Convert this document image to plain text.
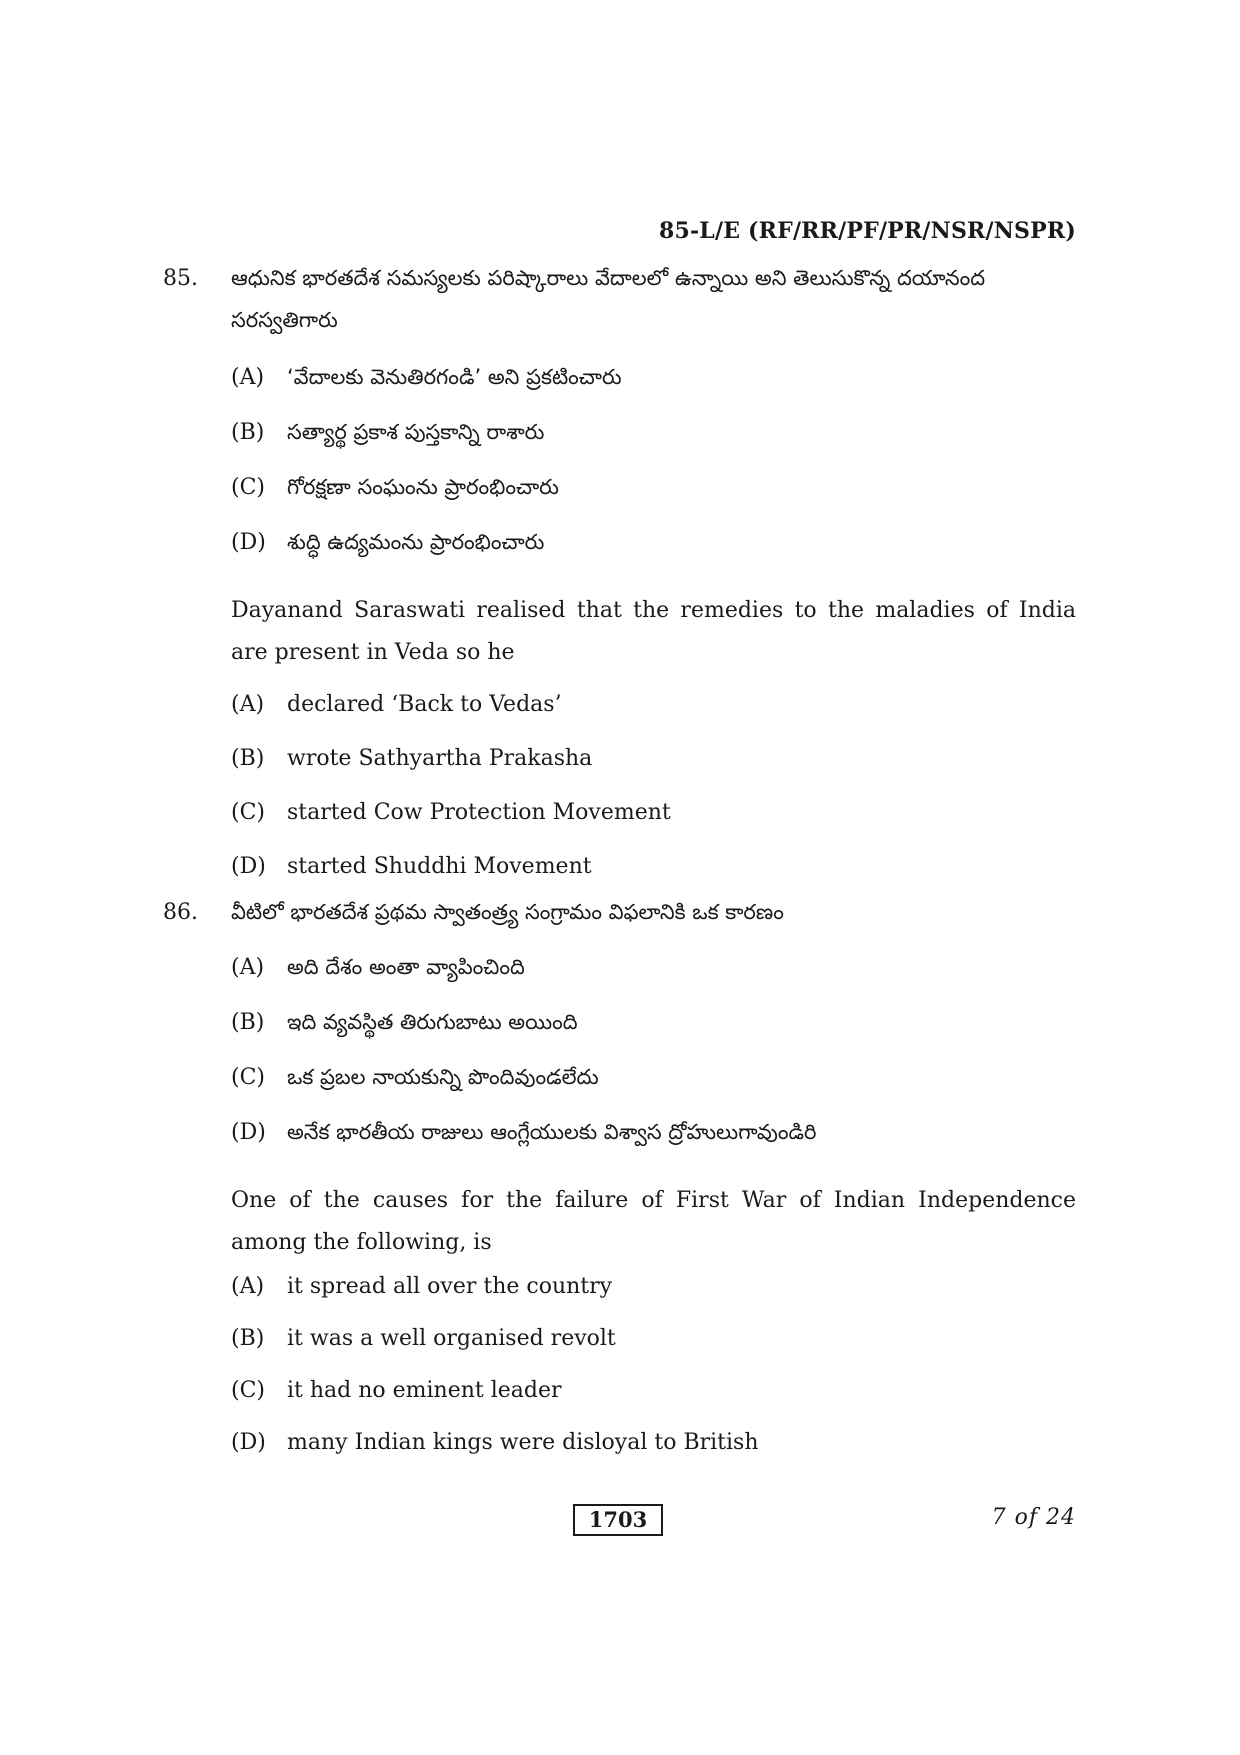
85-L/E (RF/RR/PF/PR/NSR/NSPR)
85. ఆధునిక భారతదేశ సమస్యలకు పరిష్కారాలు వేదాలలో ఉన్నాయి అని తెలుసుకొన్న దయానంద సరస్వతిగారు
(A) ‘వేదాలకు వెనుతిరగండి’ అని ప్రకటించారు
(B) సత్యార్థ ప్రకాశ పుస్తకాన్ని రాశారు
(C) గోరక్షణా సంఘంను ప్రారంభించారు
(D) శుద్ధి ఉద్యమంను ప్రారంభించారు
Dayanand Saraswati realised that the remedies to the maladies of India are present in Veda so he
(A) declared ‘Back to Vedas’
(B) wrote Sathyartha Prakasha
(C) started Cow Protection Movement
(D) started Shuddhi Movement
86. వీటిలో భారతదేశ ప్రథమ స్వాతంత్ర్య సంగ్రామం విఫలానికి ఒక కారణం
(A) అది దేశం అంతా వ్యాపించింది
(B) ఇది వ్యవస్థిత తిరుగుబాటు అయింది
(C) ఒక ప్రబల నాయకున్ని పొందివుండలేదు
(D) అనేక భారతీయ రాజులు ఆంగ్లేయులకు విశ్వాస ద్రోహులుగావుండిరి
One of the causes for the failure of First War of Indian Independence among the following, is
(A) it spread all over the country
(B) it was a well organised revolt
(C) it had no eminent leader
(D) many Indian kings were disloyal to British
1703	7 of 24
